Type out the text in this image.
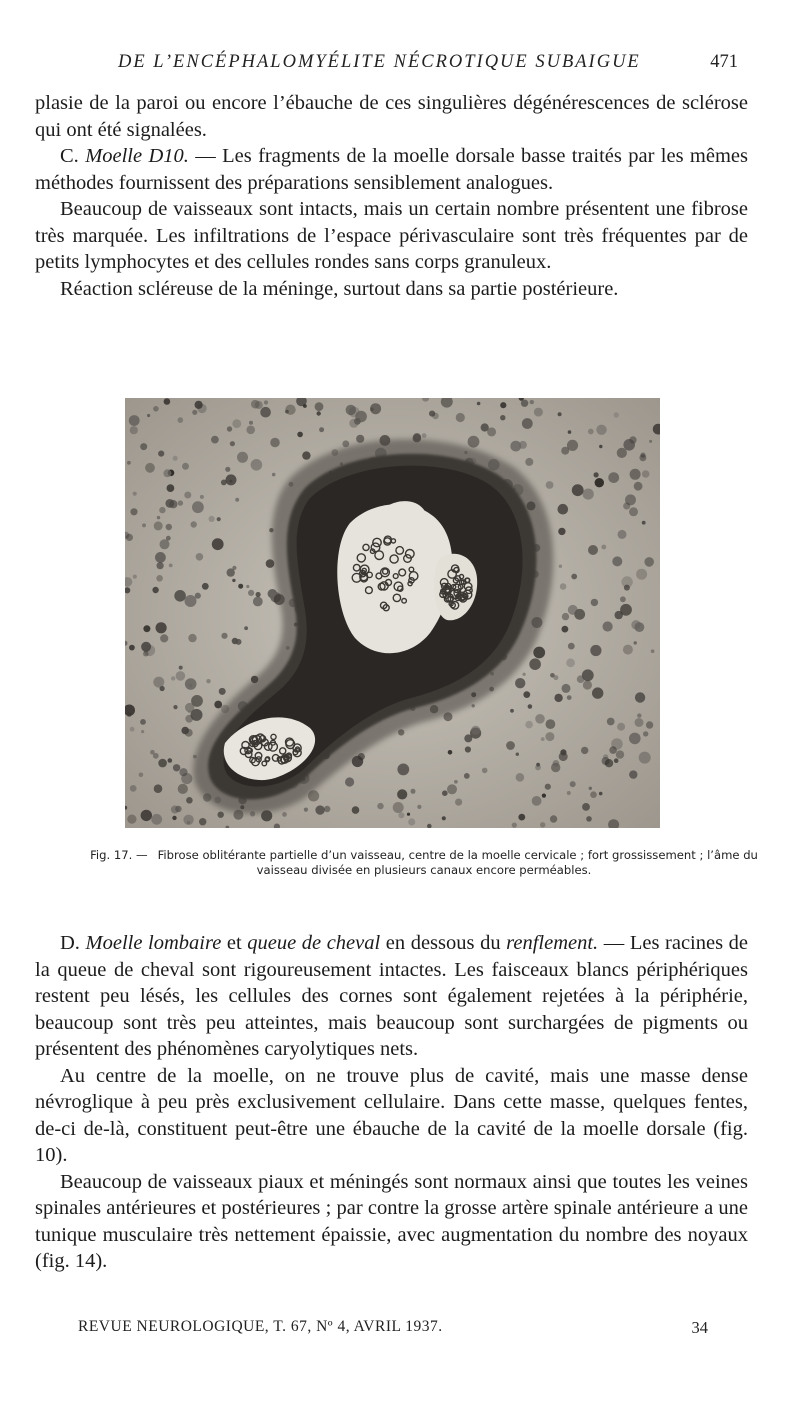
DE L’ENCÉPHALOMYÉLITE NÉCROTIQUE SUBAIGUE	471

plasie de la paroi ou encore l’ébauche de ces singulières dégénérescences de sclérose qui ont été signalées.

C. Moelle D10. — Les fragments de la moelle dorsale basse traités par les mêmes méthodes fournissent des préparations sensiblement analogues.

Beaucoup de vaisseaux sont intacts, mais un certain nombre présentent une fibrose très marquée. Les infiltrations de l’espace périvasculaire sont très fréquentes par de petits lymphocytes et des cellules rondes sans corps granuleux.

Réaction scléreuse de la méninge, surtout dans sa partie postérieure.

Fig. 17. — Fibrose oblitérante partielle d’un vaisseau, centre de la moelle cervicale ; fort grossissement ; l’âme du vaisseau divisée en plusieurs canaux encore perméables.

D. Moelle lombaire et queue de cheval en dessous du renflement. — Les racines de la queue de cheval sont rigoureusement intactes. Les faisceaux blancs périphériques restent peu lésés, les cellules des cornes sont également rejetées à la périphérie, beaucoup sont très peu atteintes, mais beaucoup sont surchargées de pigments ou présentent des phénomènes caryolytiques nets.

Au centre de la moelle, on ne trouve plus de cavité, mais une masse dense névroglique à peu près exclusivement cellulaire. Dans cette masse, quelques fentes, de-ci de-là, constituent peut-être une ébauche de la cavité de la moelle dorsale (fig. 10).

Beaucoup de vaisseaux piaux et méningés sont normaux ainsi que toutes les veines spinales antérieures et postérieures ; par contre la grosse artère spinale antérieure a une tunique musculaire très nettement épaissie, avec augmentation du nombre des noyaux (fig. 14).

REVUE NEUROLOGIQUE, T. 67, Nº 4, AVRIL 1937.	34
